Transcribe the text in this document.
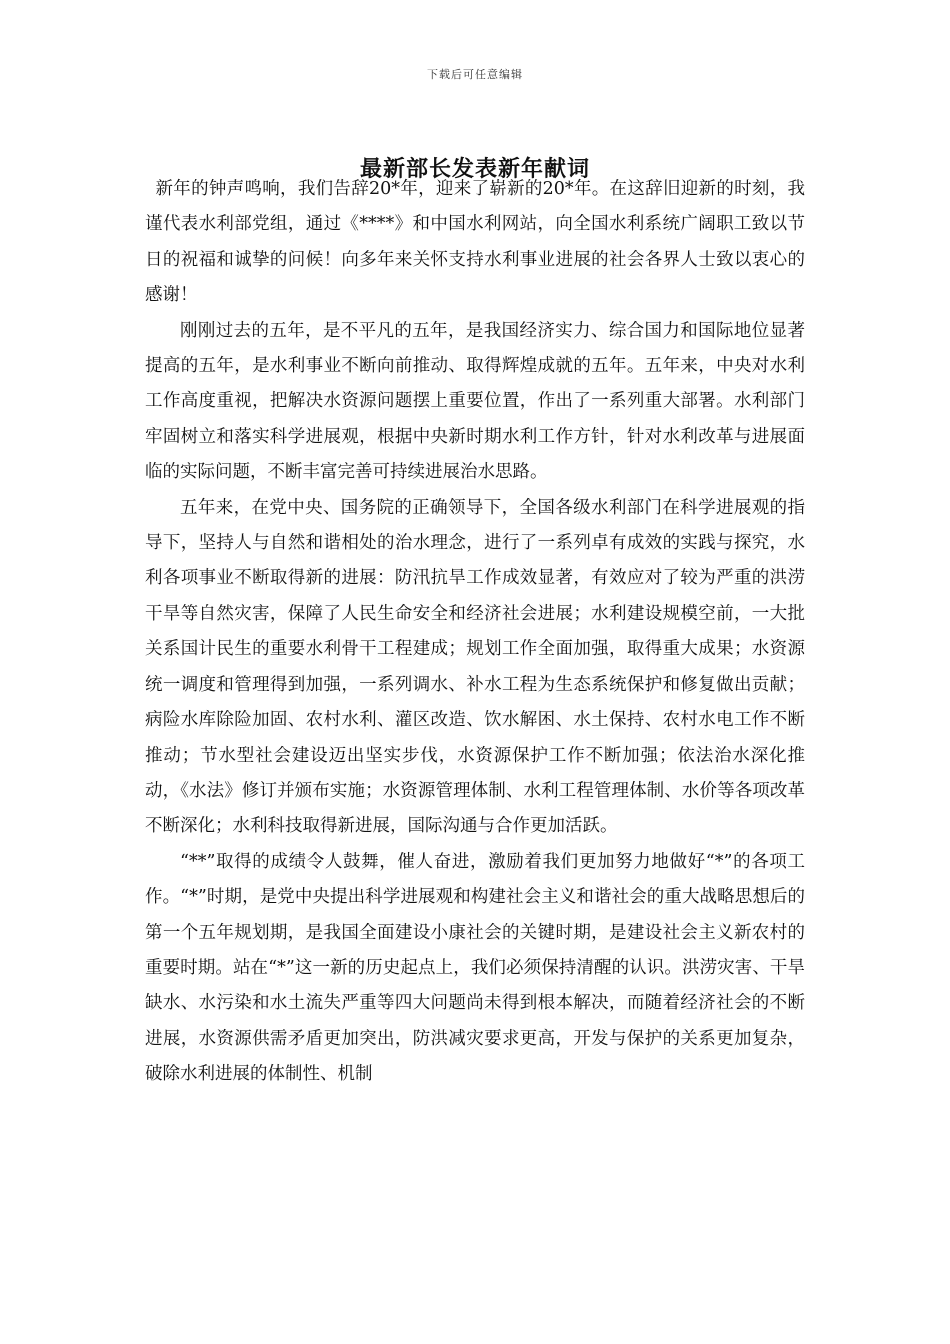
下载后可任意编辑
最新部长发表新年献词

新年的钟声鸣响，我们告辞20*年，迎来了崭新的20*年。在这辞旧迎新的时刻，我谨代表水利部党组，通过《****》和中国水利网站，向全国水利系统广阔职工致以节日的祝福和诚挚的问候！向多年来关怀支持水利事业进展的社会各界人士致以衷心的感谢！

刚刚过去的五年，是不平凡的五年，是我国经济实力、综合国力和国际地位显著提高的五年，是水利事业不断向前推动、取得辉煌成就的五年。五年来，中央对水利工作高度重视，把解决水资源问题摆上重要位置，作出了一系列重大部署。水利部门牢固树立和落实科学进展观，根据中央新时期水利工作方针，针对水利改革与进展面临的实际问题，不断丰富完善可持续进展治水思路。

五年来，在党中央、国务院的正确领导下，全国各级水利部门在科学进展观的指导下，坚持人与自然和谐相处的治水理念，进行了一系列卓有成效的实践与探究，水利各项事业不断取得新的进展：防汛抗旱工作成效显著，有效应对了较为严重的洪涝干旱等自然灾害，保障了人民生命安全和经济社会进展；水利建设规模空前，一大批关系国计民生的重要水利骨干工程建成；规划工作全面加强，取得重大成果；水资源统一调度和管理得到加强，一系列调水、补水工程为生态系统保护和修复做出贡献；病险水库除险加固、农村水利、灌区改造、饮水解困、水土保持、农村水电工作不断推动；节水型社会建设迈出坚实步伐，水资源保护工作不断加强；依法治水深化推动，《水法》修订并颁布实施；水资源管理体制、水利工程管理体制、水价等各项改革不断深化；水利科技取得新进展，国际沟通与合作更加活跃。

“**”取得的成绩令人鼓舞，催人奋进，激励着我们更加努力地做好“*”的各项工作。“*”时期，是党中央提出科学进展观和构建社会主义和谐社会的重大战略思想后的第一个五年规划期，是我国全面建设小康社会的关键时期，是建设社会主义新农村的重要时期。站在“*”这一新的历史起点上，我们必须保持清醒的认识。洪涝灾害、干旱缺水、水污染和水土流失严重等四大问题尚未得到根本解决，而随着经济社会的不断进展，水资源供需矛盾更加突出，防洪减灾要求更高，开发与保护的关系更加复杂，破除水利进展的体制性、机制
